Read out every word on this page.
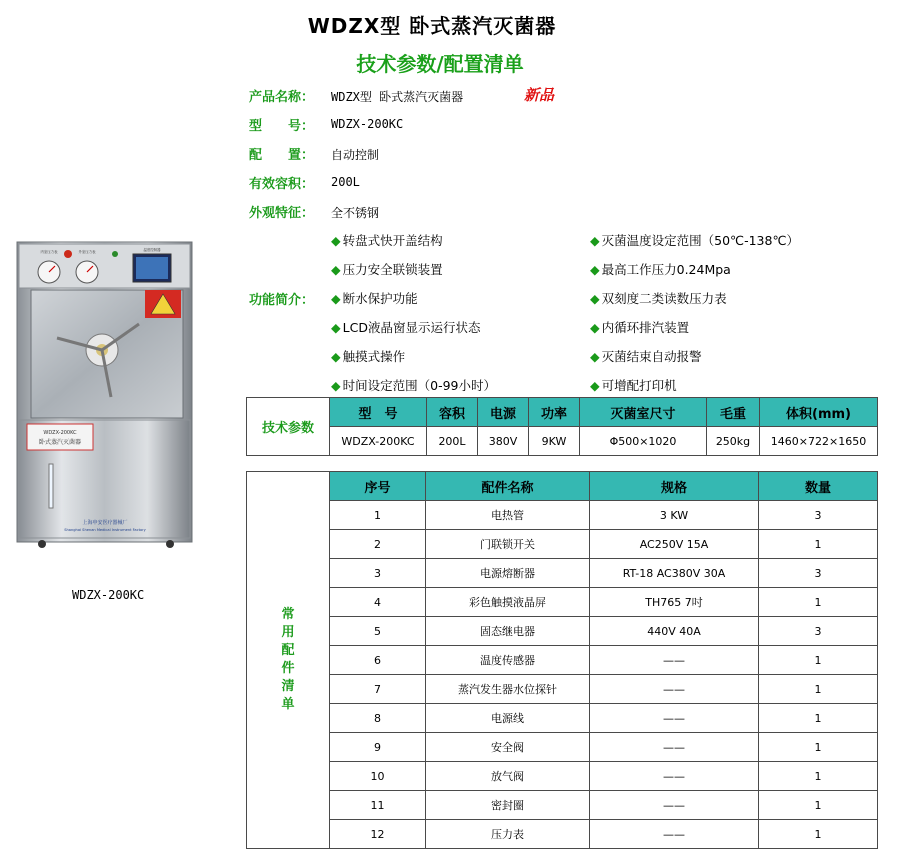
WDZX型 卧式蒸汽灭菌器
技术参数/配置清单
产品名称： WDZX型 卧式蒸汽灭菌器	新品
型　　号： WDZX-200KC
配　　置： 自动控制
有效容积： 200L
外观特征： 全不锈钢
功能简介：
◆ 转盘式快开盖结构
◆ 压力安全联锁装置
◆ 断水保护功能
◆ LCD液晶窗显示运行状态
◆ 触摸式操作
◆ 时间设定范围（0-99小时）
◆ 灭菌温度设定范围（50℃-138℃）
◆ 最高工作压力0.24Mpa
◆ 双刻度二类读数压力表
◆ 内循环排汽装置
◆ 灭菌结束自动报警
◆ 可增配打印机
WDZX-200KC
卧式蒸汽灭菌器
上海申安医疗器械厂
Shanghai Shenan Medical Instrument Factory
内室压力表	外室压力表	温度控制器
WDZX-200KC
技术参数	型　号	容积	电源	功率	灭菌室尺寸	毛重	体积(mm)
	WDZX-200KC	200L	380V	9KW	Φ500×1020	250kg	1460×722×1650
常用配件清单	序号	配件名称	规格	数量
	1	电热管	3 KW	3
	2	门联锁开关	AC250V 15A	1
	3	电源熔断器	RT-18 AC380V 30A	3
	4	彩色触摸液晶屏	TH765 7吋	1
	5	固态继电器	440V 40A	3
	6	温度传感器	——	1
	7	蒸汽发生器水位探针	——	1
	8	电源线	——	1
	9	安全阀	——	1
	10	放气阀	——	1
	11	密封圈	——	1
	12	压力表	——	1
